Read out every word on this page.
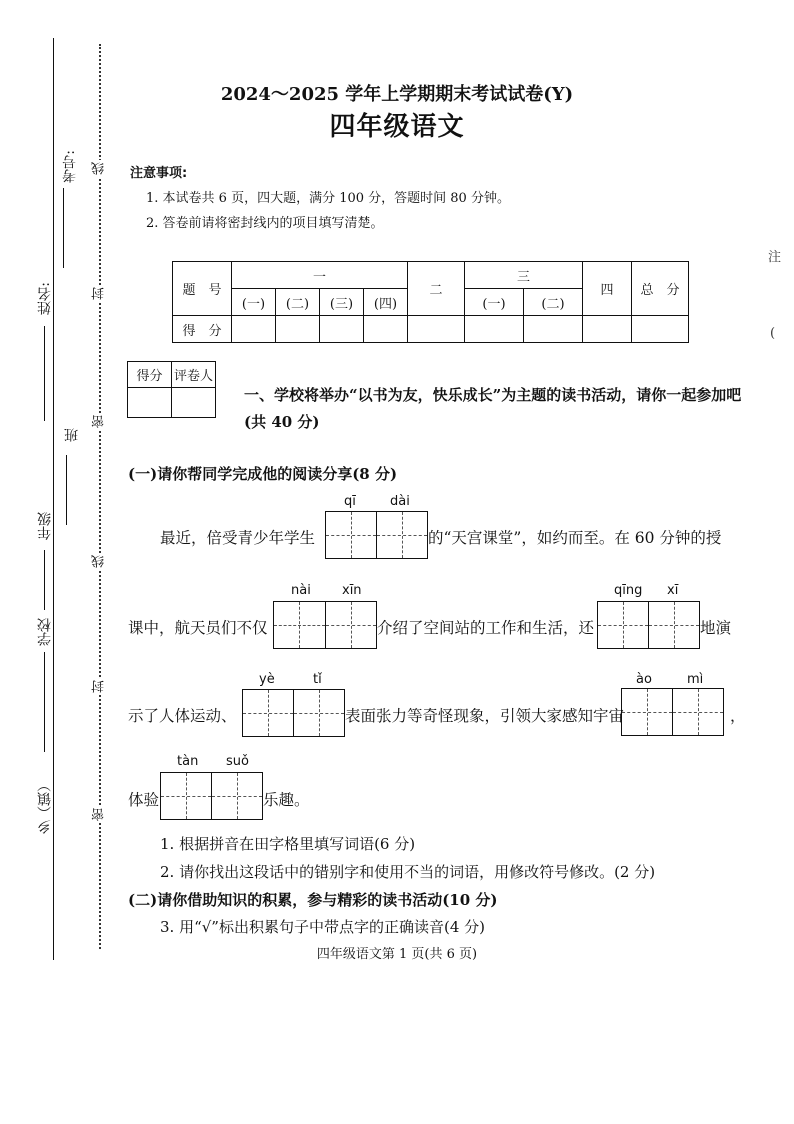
考号:
姓名:
班
年级
学校
乡（镇）
线
封
密
线
封
密
注
(
2024～2025 学年上学期期末考试试卷(Y)
四年级语文
注意事项:
1. 本试卷共 6 页，四大题，满分 100 分，答题时间 80 分钟。
2. 答卷前请将密封线内的项目填写清楚。
题　号	一				二	三		四	总　分
	(一)	(二)	(三)	(四)		(一)	(二)		
得　分									
得分	评卷人

一、学校将举办“以书为友，快乐成长”为主题的读书活动，请你一起参加吧(共 40 分)
(一)请你帮同学完成他的阅读分享(8 分)
qī	dài
最近，倍受青少年学生	的“天宫课堂”，如约而至。在 60 分钟的授
nài xīn	qīng xī
课中，航天员们不仅	介绍了空间站的工作和生活，还	地演
yè	tǐ	ào	mì
示了人体运动、	表面张力等奇怪现象，引领大家感知宇宙	，
tàn suǒ
体验	乐趣。
1. 根据拼音在田字格里填写词语(6 分)
2. 请你找出这段话中的错别字和使用不当的词语，用修改符号修改。(2 分)
(二)请你借助知识的积累，参与精彩的读书活动(10 分)
3. 用“√”标出积累句子中带点字的正确读音(4 分)
四年级语文第 1 页(共 6 页)
